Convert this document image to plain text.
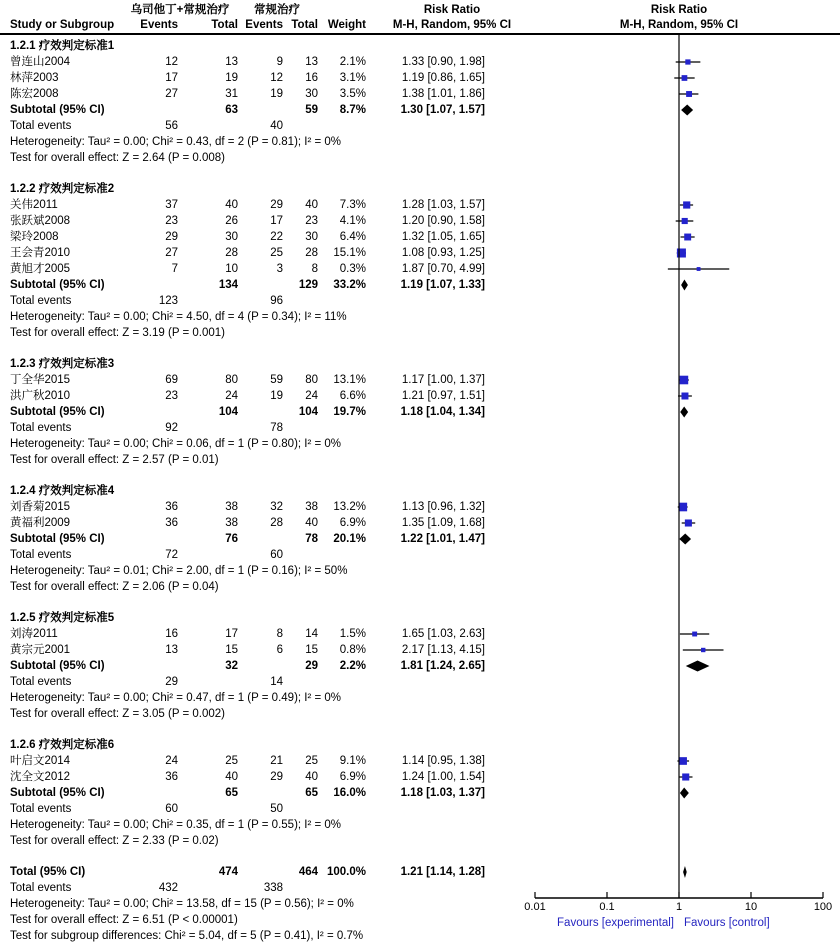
乌司他丁+常规治疗	常规治疗	Risk Ratio	Risk Ratio
Study or Subgroup Events	Total Events Total Weight	M-H, Random, 95% CI	M-H, Random, 95% CI
1.2.1 疗效判定标准1
曾连山2004	12	13	9 13 2.1%	1.33 [0.90, 1.98]
林萍2003	17	19	12 16 3.1%	1.19 [0.86, 1.65]
陈宏2008	27	31	19 30 3.5%	1.38 [1.01, 1.86]
Subtotal (95% CI)	63	59 8.7%	1.30 [1.07, 1.57]
Total events	56	40
Heterogeneity: Tau² = 0.00; Chi² = 0.43, df = 2 (P = 0.81); I² = 0%
Test for overall effect: Z = 2.64 (P = 0.008)
1.2.2 疗效判定标准2
关伟2011	37	40	29 40 7.3%	1.28 [1.03, 1.57]
张跃斌2008	23	26	17 23 4.1%	1.20 [0.90, 1.58]
梁玲2008	29	30	22 30 6.4%	1.32 [1.05, 1.65]
王会青2010	27	28	25 28 15.1%	1.08 [0.93, 1.25]
黄旭才2005	7	10	3 8 0.3%	1.87 [0.70, 4.99]
Subtotal (95% CI)	134	129 33.2%	1.19 [1.07, 1.33]
Total events	123	96
Heterogeneity: Tau² = 0.00; Chi² = 4.50, df = 4 (P = 0.34); I² = 11%
Test for overall effect: Z = 3.19 (P = 0.001)
1.2.3 疗效判定标准3
丁全华2015	69	80	59 80 13.1%	1.17 [1.00, 1.37]
洪广秋2010	23	24	19 24 6.6%	1.21 [0.97, 1.51]
Subtotal (95% CI)	104	104 19.7%	1.18 [1.04, 1.34]
Total events	92	78
Heterogeneity: Tau² = 0.00; Chi² = 0.06, df = 1 (P = 0.80); I² = 0%
Test for overall effect: Z = 2.57 (P = 0.01)
1.2.4 疗效判定标准4
刘香菊2015	36	38	32 38 13.2%	1.13 [0.96, 1.32]
黄福利2009	36	38	28 40 6.9%	1.35 [1.09, 1.68]
Subtotal (95% CI)	76	78 20.1%	1.22 [1.01, 1.47]
Total events	72	60
Heterogeneity: Tau² = 0.01; Chi² = 2.00, df = 1 (P = 0.16); I² = 50%
Test for overall effect: Z = 2.06 (P = 0.04)
1.2.5 疗效判定标准5
刘涛2011	16	17	8 14 1.5%	1.65 [1.03, 2.63]
黄宗元2001	13	15	6 15 0.8%	2.17 [1.13, 4.15]
Subtotal (95% CI)	32	29 2.2%	1.81 [1.24, 2.65]
Total events	29	14
Heterogeneity: Tau² = 0.00; Chi² = 0.47, df = 1 (P = 0.49); I² = 0%
Test for overall effect: Z = 3.05 (P = 0.002)
1.2.6 疗效判定标准6
叶启文2014	24	25	21 25 9.1%	1.14 [0.95, 1.38]
沈全文2012	36	40	29 40 6.9%	1.24 [1.00, 1.54]
Subtotal (95% CI)	65	65 16.0%	1.18 [1.03, 1.37]
Total events	60	50
Heterogeneity: Tau² = 0.00; Chi² = 0.35, df = 1 (P = 0.55); I² = 0%
Test for overall effect: Z = 2.33 (P = 0.02)
Total (95% CI)	474	464 100.0%	1.21 [1.14, 1.28]
Total events	432	338
Heterogeneity: Tau² = 0.00; Chi² = 13.58, df = 15 (P = 0.56); I² = 0%
Test for overall effect: Z = 6.51 (P < 0.00001)
Test for subgroup differences: Chi² = 5.04, df = 5 (P = 0.41), I² = 0.7%
0.01	0.1	1	10	100
Favours [experimental] Favours [control]
